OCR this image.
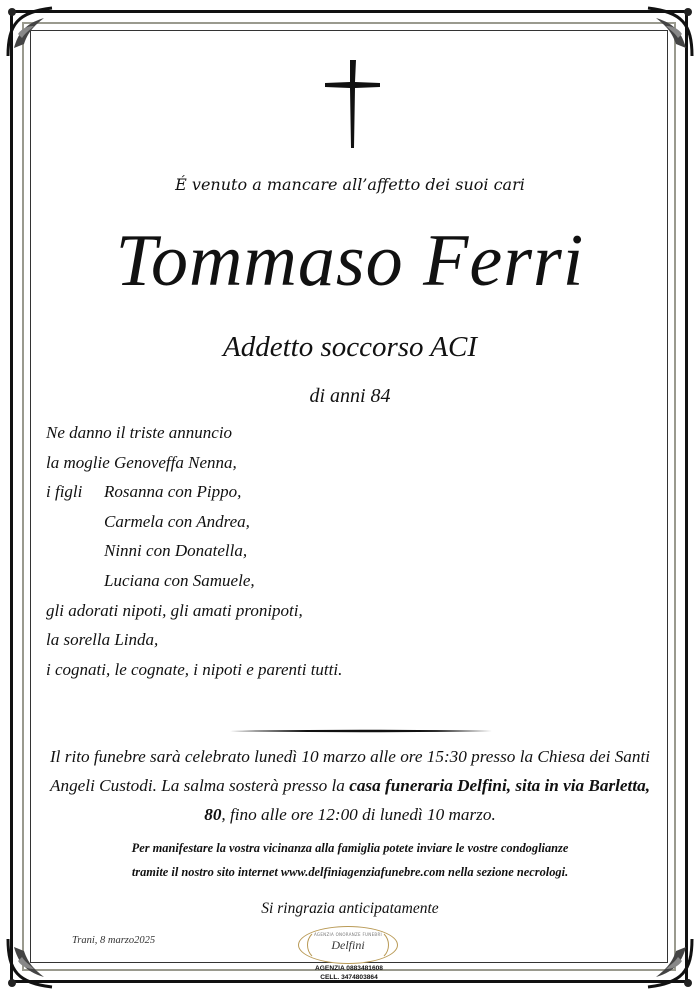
É venuto a mancare all’affetto dei suoi cari
Tommaso Ferri
Addetto soccorso ACI
di anni 84
Ne danno il triste annuncio
la moglie Genoveffa Nenna,
i figli Rosanna con Pippo,
Carmela con Andrea,
Ninni con Donatella,
Luciana con Samuele,
gli adorati nipoti, gli amati pronipoti,
la sorella Linda,
i cognati, le cognate, i nipoti e parenti tutti.
Il rito funebre sarà celebrato lunedì 10 marzo alle ore 15:30 presso la Chiesa dei Santi Angeli Custodi. La salma sosterà presso la casa funeraria Delfini, sita in via Barletta, 80, fino alle ore 12:00 di lunedì 10 marzo.
Per manifestare la vostra vicinanza alla famiglia potete inviare le vostre condoglianze
tramite il nostro sito internet www.delfiniagenziafunebre.com nella sezione necrologi.
Si ringrazia anticipatamente
Trani, 8 marzo2025
AGENZIA ONORANZE FUNEBRI
Delfini
AGENZIA 0883481608
CELL. 3474803864
